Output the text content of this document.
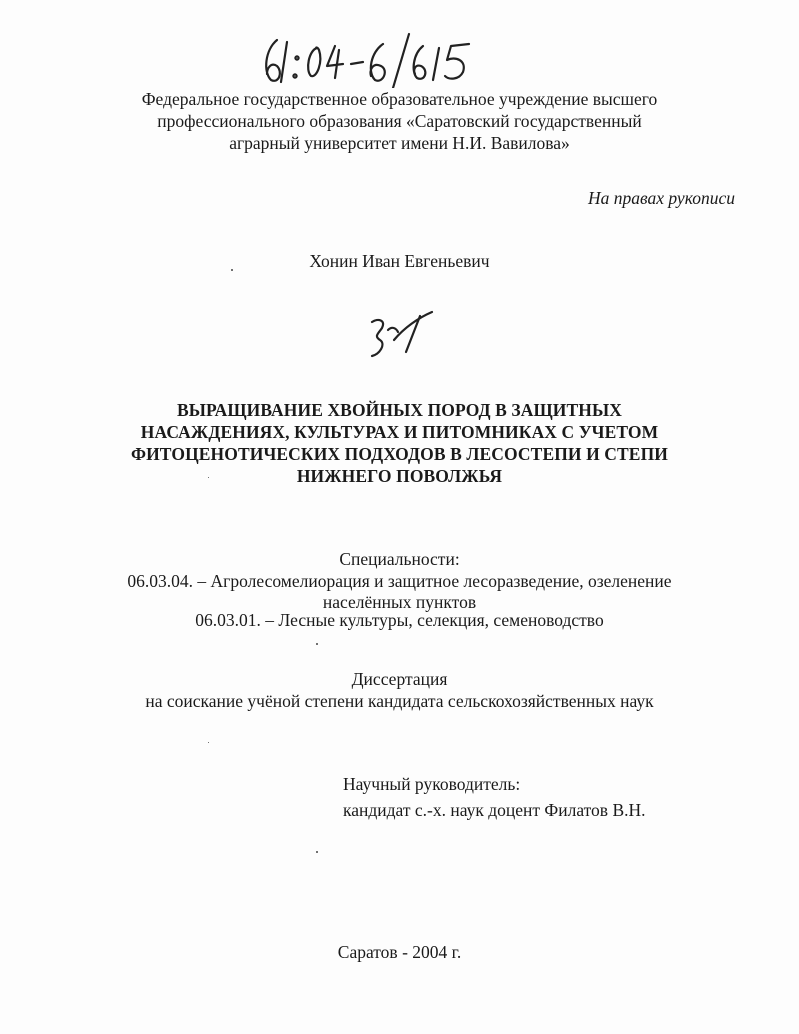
Федеральное государственное образовательное учреждение высшего
профессионального образования «Саратовский государственный
аграрный университет имени Н.И. Вавилова»
На правах рукописи
Хонин Иван Евгеньевич
ВЫРАЩИВАНИЕ ХВОЙНЫХ ПОРОД В ЗАЩИТНЫХ
НАСАЖДЕНИЯХ, КУЛЬТУРАХ И ПИТОМНИКАХ С УЧЕТОМ
ФИТОЦЕНОТИЧЕСКИХ ПОДХОДОВ В ЛЕСОСТЕПИ И СТЕПИ
НИЖНЕГО ПОВОЛЖЬЯ
Специальности:
06.03.04. – Агролесомелиорация и защитное лесоразведение, озеленение
населённых пунктов
06.03.01. – Лесные культуры, селекция, семеноводство
Диссертация
на соискание учёной степени кандидата сельскохозяйственных наук
Научный руководитель:
кандидат с.-х. наук доцент Филатов В.Н.
Саратов - 2004 г.
